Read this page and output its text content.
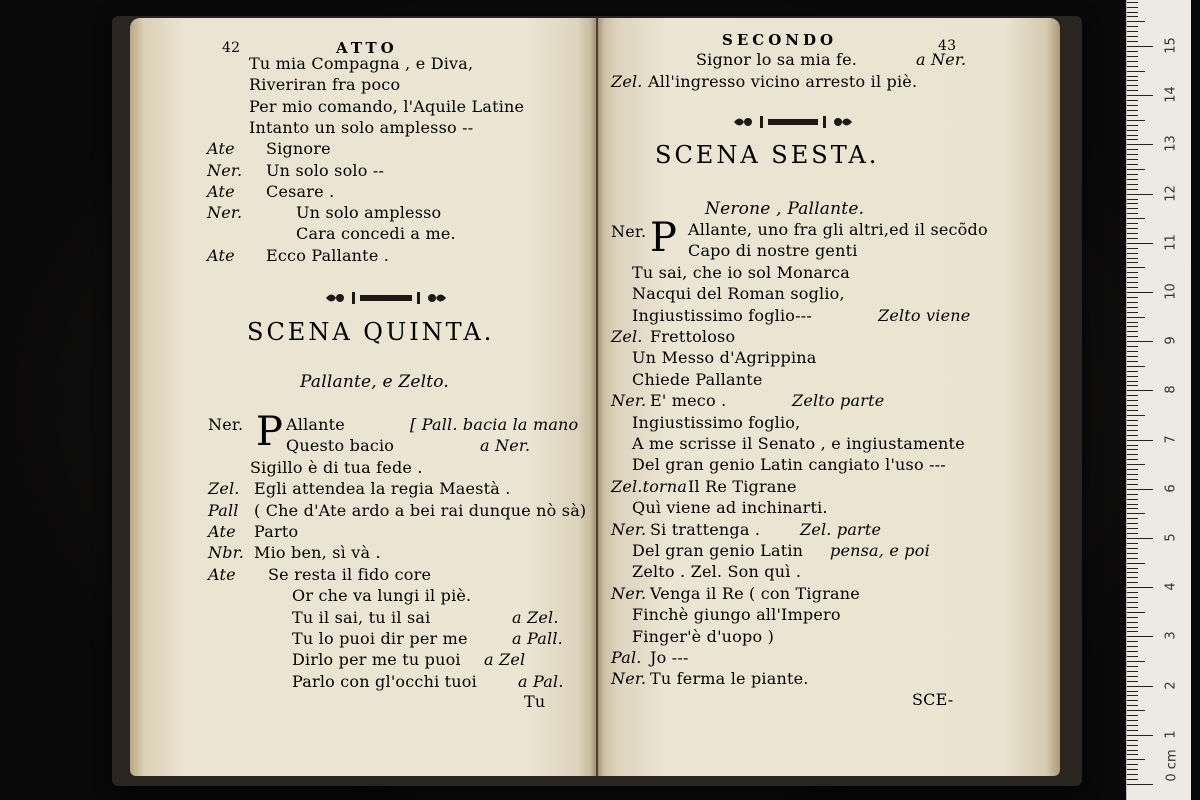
42	ATTO
Tu mia Compagna , e Diva,
Riveriran fra poco
Per mio comando, l'Aquile Latine
Intanto un solo amplesso --
Ate Signore
Ner. Un solo solo --
Ate Cesare .
Ner.	Un solo amplesso
Cara concedi a me.
Ate Ecco Pallante .
SCENA QUINTA.
Pallante, e Zelto.
Ner. P Allante	[ Pall. bacia la mano
Questo bacio	a Ner.
Sigillo è di tua fede .
Zel. Egli attendea la regia Maestà .
Pall ( Che d'Ate ardo a bei rai dunque nò sà)
Ate Parto
Nbr. Mio ben, sì và .
Ate Se resta il fido core
Or che va lungi il piè.
Tu il sai, tu il sai	a Zel.
Tu lo puoi dir per me	a Pall.
Dirlo per me tu puoi a Zel
Parlo con gl'occhi tuoi	a Pal.
Tu
SECONDO	43
Signor lo sa mia fe.	a Ner.
Zel. All'ingresso vicino arresto il piè.
SCENA SESTA.
Nerone , Pallante.
Ner. P Allante, uno fra gli altri,ed il secõdo
Capo di nostre genti
Tu sai, che io sol Monarca
Nacqui del Roman soglio,
Ingiustissimo foglio---	Zelto viene
Zel. Frettoloso
Un Messo d'Agrippina
Chiede Pallante
Ner. E' meco .	Zelto parte
Ingiustissimo foglio,
A me scrisse il Senato , e ingiustamente
Del gran genio Latin cangiato l'uso ---
Zel.torna Il Re Tigrane
Quì viene ad inchinarti.
Ner. Si trattenga . Zel. parte
Del gran genio Latin pensa, e poi
Zelto . Zel. Son quì .
Ner. Venga il Re ( con Tigrane
Finchè giungo all'Impero
Finger'è d'uopo )
Pal. Jo ---
Ner. Tu ferma le piante.
SCE-
1
2
3
4
5
6
7
8
9
10
11
12
13
14
15
0 cm
